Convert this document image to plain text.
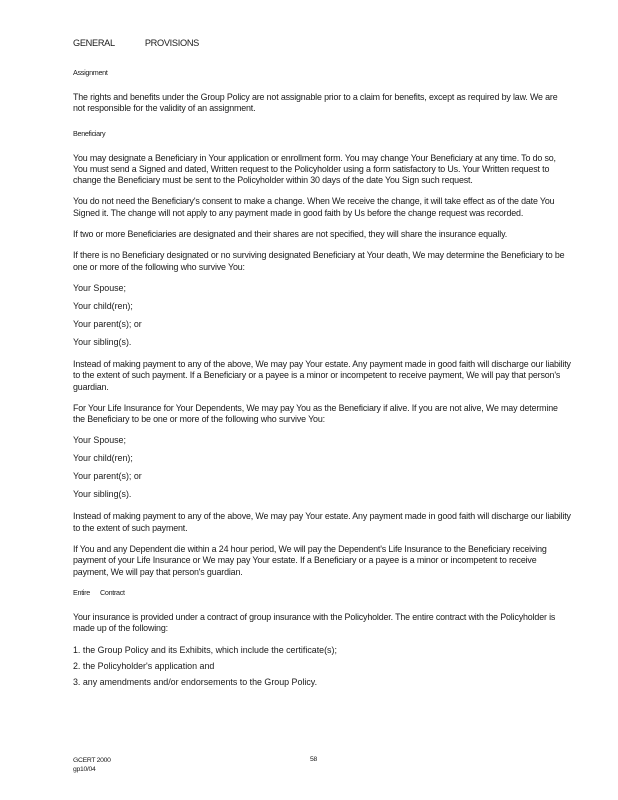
GENERAL	PROVISIONS
Assignment

The rights and benefits under the Group Policy are not assignable prior to a claim for benefits, except as required by law. We are not responsible for the validity of an assignment.

Beneficiary

You may designate a Beneficiary in Your application or enrollment form. You may change Your Beneficiary at any time. To do so, You must send a Signed and dated, Written request to the Policyholder using a form satisfactory to Us. Your Written request to change the Beneficiary must be sent to the Policyholder within 30 days of the date You Sign such request.

You do not need the Beneficiary's consent to make a change. When We receive the change, it will take effect as of the date You Signed it. The change will not apply to any payment made in good faith by Us before the change request was recorded.

If two or more Beneficiaries are designated and their shares are not specified, they will share the insurance equally.

If there is no Beneficiary designated or no surviving designated Beneficiary at Your death, We may determine the Beneficiary to be one or more of the following who survive You:

Your Spouse;
Your child(ren);
Your parent(s); or
Your sibling(s).

Instead of making payment to any of the above, We may pay Your estate. Any payment made in good faith will discharge our liability to the extent of such payment. If a Beneficiary or a payee is a minor or incompetent to receive payment, We will pay that person's guardian.

For Your Life Insurance for Your Dependents, We may pay You as the Beneficiary if alive. If you are not alive, We may determine the Beneficiary to be one or more of the following who survive You:

Your Spouse;
Your child(ren);
Your parent(s); or
Your sibling(s).

Instead of making payment to any of the above, We may pay Your estate. Any payment made in good faith will discharge our liability to the extent of such payment.

If You and any Dependent die within a 24 hour period, We will pay the Dependent's Life Insurance to the Beneficiary receiving payment of your Life Insurance or We may pay Your estate. If a Beneficiary or a payee is a minor or incompetent to receive payment, We will pay that person's guardian.

Entire Contract

Your insurance is provided under a contract of group insurance with the Policyholder. The entire contract with the Policyholder is made up of the following:

1. the Group Policy and its Exhibits, which include the certificate(s);
2. the Policyholder's application and
3. any amendments and/or endorsements to the Group Policy.
GCERT 2000
gp10/04
58
